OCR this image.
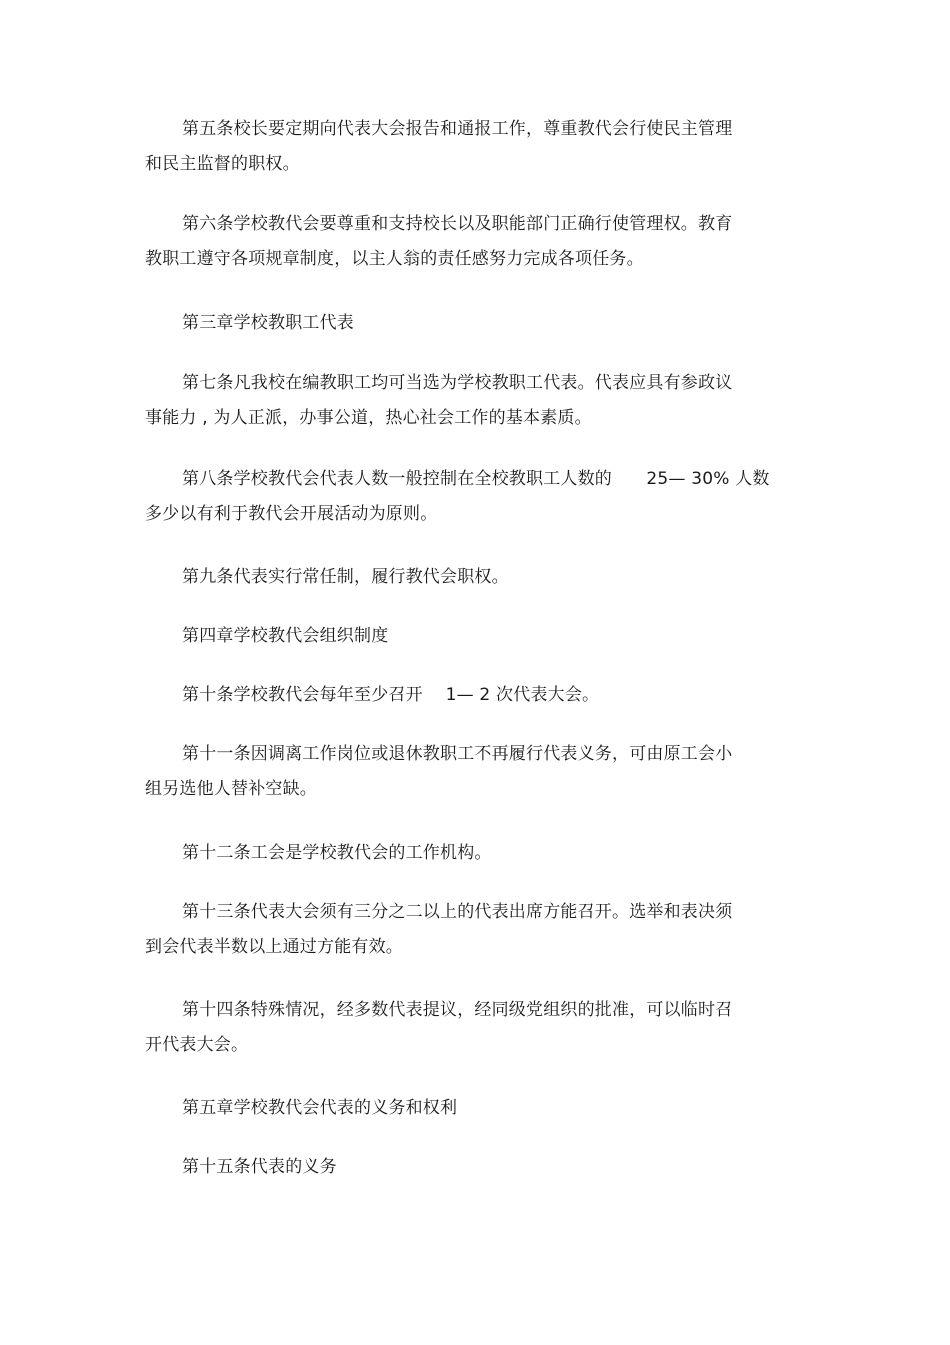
第五条校长要定期向代表大会报告和通报工作，尊重教代会行使民主管理
和民主监督的职权。

第六条学校教代会要尊重和支持校长以及职能部门正确行使管理权。教育
教职工遵守各项规章制度，以主人翁的责任感努力完成各项任务。

第三章学校教职工代表

第七条凡我校在编教职工均可当选为学校教职工代表。代表应具有参政议
事能力 , 为人正派，办事公道，热心社会工作的基本素质。

第八条学校教代会代表人数一般控制在全校教职工人数的　　25— 30% 人数
多少以有利于教代会开展活动为原则。

第九条代表实行常任制，履行教代会职权。

第四章学校教代会组织制度

第十条学校教代会每年至少召开　 1— 2 次代表大会。

第十一条因调离工作岗位或退休教职工不再履行代表义务，可由原工会小
组另选他人替补空缺。

第十二条工会是学校教代会的工作机构。

第十三条代表大会须有三分之二以上的代表出席方能召开。选举和表决须
到会代表半数以上通过方能有效。

第十四条特殊情况，经多数代表提议，经同级党组织的批准，可以临时召
开代表大会。

第五章学校教代会代表的义务和权利

第十五条代表的义务
